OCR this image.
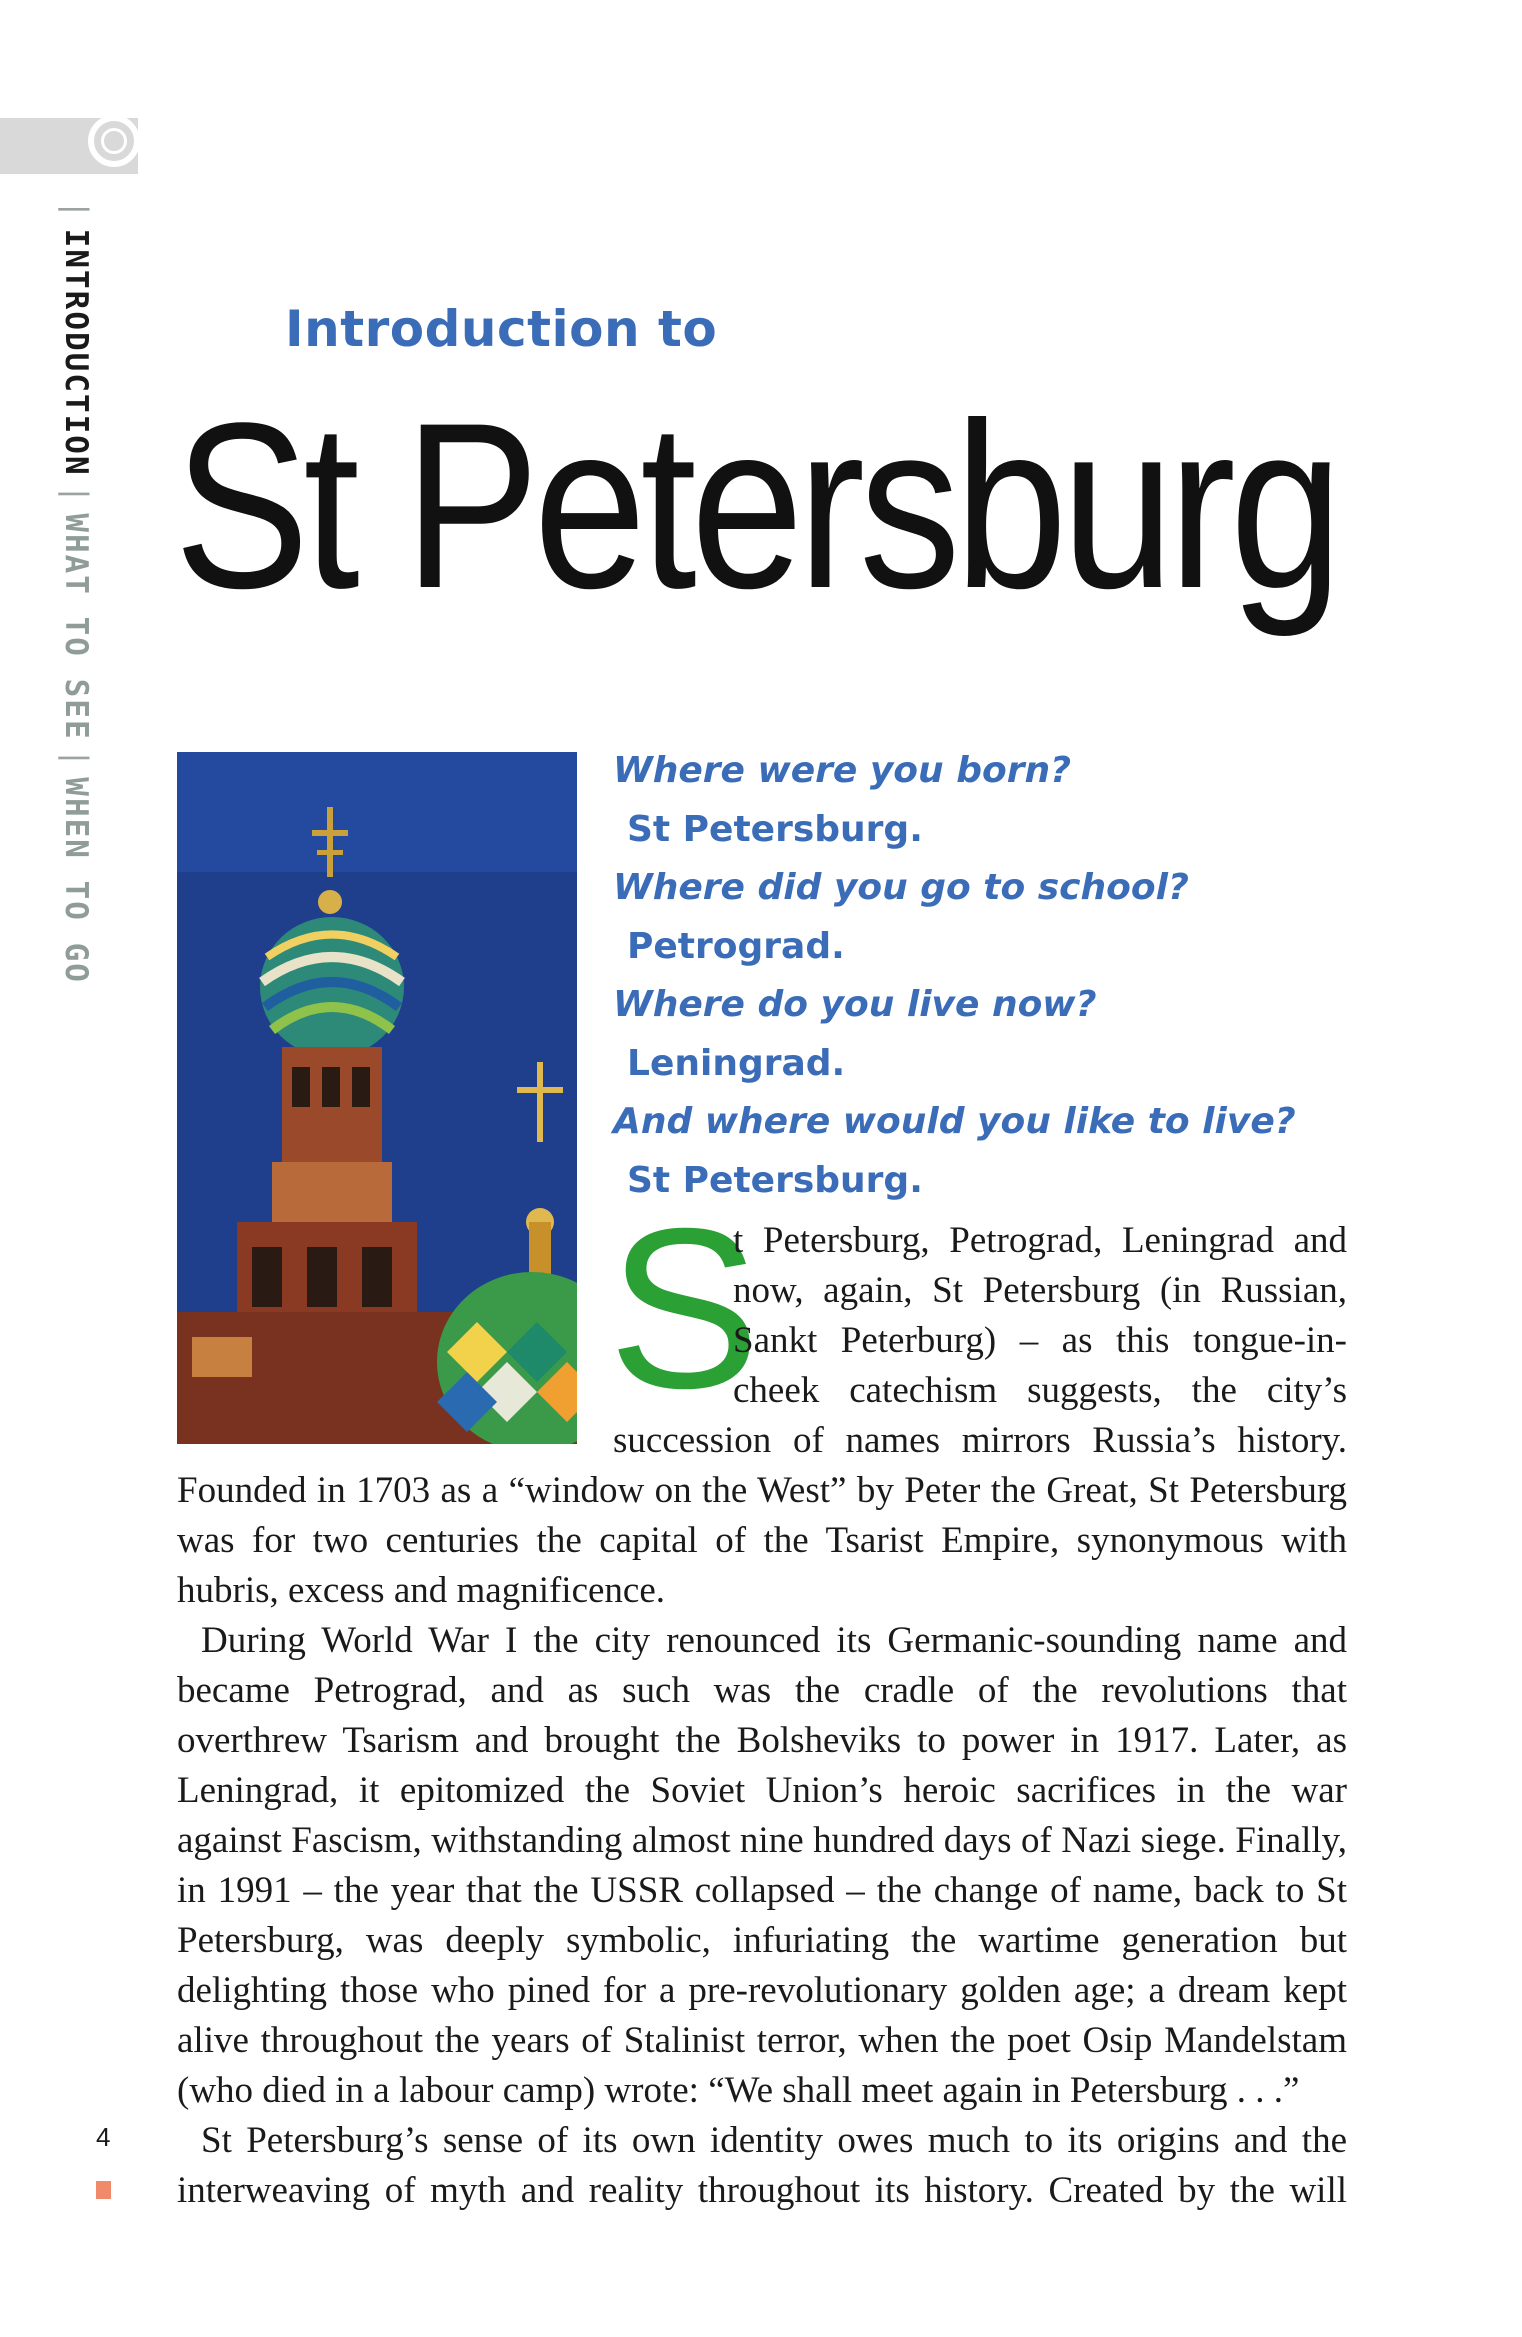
|INTRODUCTION|WHAT TO SEE|WHEN TO GO
Introduction to
St Petersburg
Where were you born?
St Petersburg.
Where did you go to school?
Petrograd.
Where do you live now?
Leningrad.
And where would you like to live?
St Petersburg.
S

t Petersburg, Petrograd, Leningrad and

now, again, St Petersburg (in Russian,

Sankt Peterburg) – as this tongue-in-

cheek catechism suggests, the city’s

succession of names mirrors Russia’s history.

Founded in 1703 as a “window on the West” by Peter the Great, St Petersburg was for two centuries the capital of the Tsarist Empire, synonymous with hubris, excess and magnificence.

During World War I the city renounced its Germanic-sounding name and became Petrograd, and as such was the cradle of the revolutions that overthrew Tsarism and brought the Bolsheviks to power in 1917. Later, as Leningrad, it epitomized the Soviet Union’s heroic sacrifices in the war against Fascism, withstanding almost nine hundred days of Nazi siege. Finally, in 1991 – the year that the USSR collapsed – the change of name, back to St Petersburg, was deeply symbolic, infuriating the wartime generation but delighting those who pined for a pre-revolutionary golden age; a dream kept alive throughout the years of Stalinist terror, when the poet Osip Mandelstam (who died in a labour camp) wrote: “We shall meet again in Petersburg . . .”

St Petersburg’s sense of its own identity owes much to its origins and the interweaving of myth and reality throughout its history. Created by the will

4
